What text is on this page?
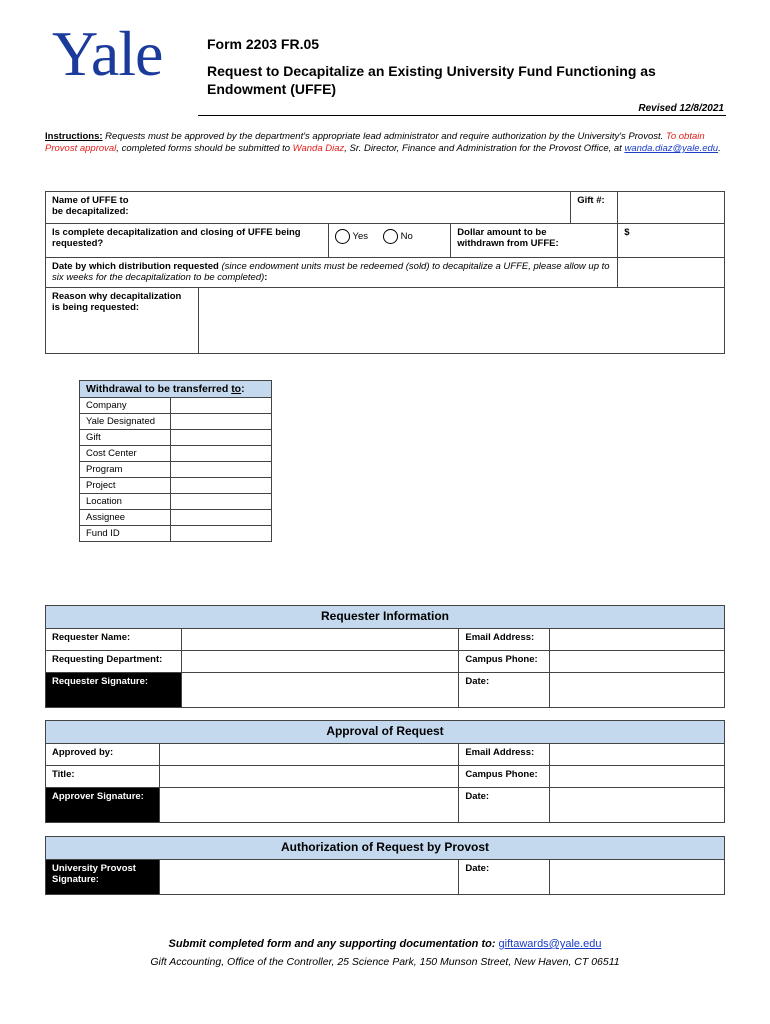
Yale	Form 2203 FR.05
Request to Decapitalize an Existing University Fund Functioning as Endowment (UFFE)
Revised 12/8/2021
Instructions: Requests must be approved by the department's appropriate lead administrator and require authorization by the University's Provost. To obtain Provost approval, completed forms should be submitted to Wanda Diaz, Sr. Director, Finance and Administration for the Provost Office, at wanda.diaz@yale.edu.
Name of UFFE to be decapitalized:				Gift #:	
Is complete decapitalization and closing of UFFE being requested?		Yes No	Dollar amount to be withdrawn from UFFE:		$
Date by which distribution requested (since endowment units must be redeemed (sold) to decapitalize a UFFE, please allow up to six weeks for the decapitalization to be completed):					
Reason why decapitalization is being requested:					
Withdrawal to be transferred to:	
Company	
Yale Designated	
Gift	
Cost Center	
Program	
Project	
Location	
Assignee	
Fund ID	
Requester Information			
Requester Name:		Email Address:	
Requesting Department:		Campus Phone:	
Requester Signature:		Date:	
Approval of Request			
Approved by:		Email Address:	
Title:		Campus Phone:	
Approver Signature:		Date:	
Authorization of Request by Provost
University Provost Signature:		Date:	
Submit completed form and any supporting documentation to: giftawards@yale.edu
Gift Accounting, Office of the Controller, 25 Science Park, 150 Munson Street, New Haven, CT 06511
